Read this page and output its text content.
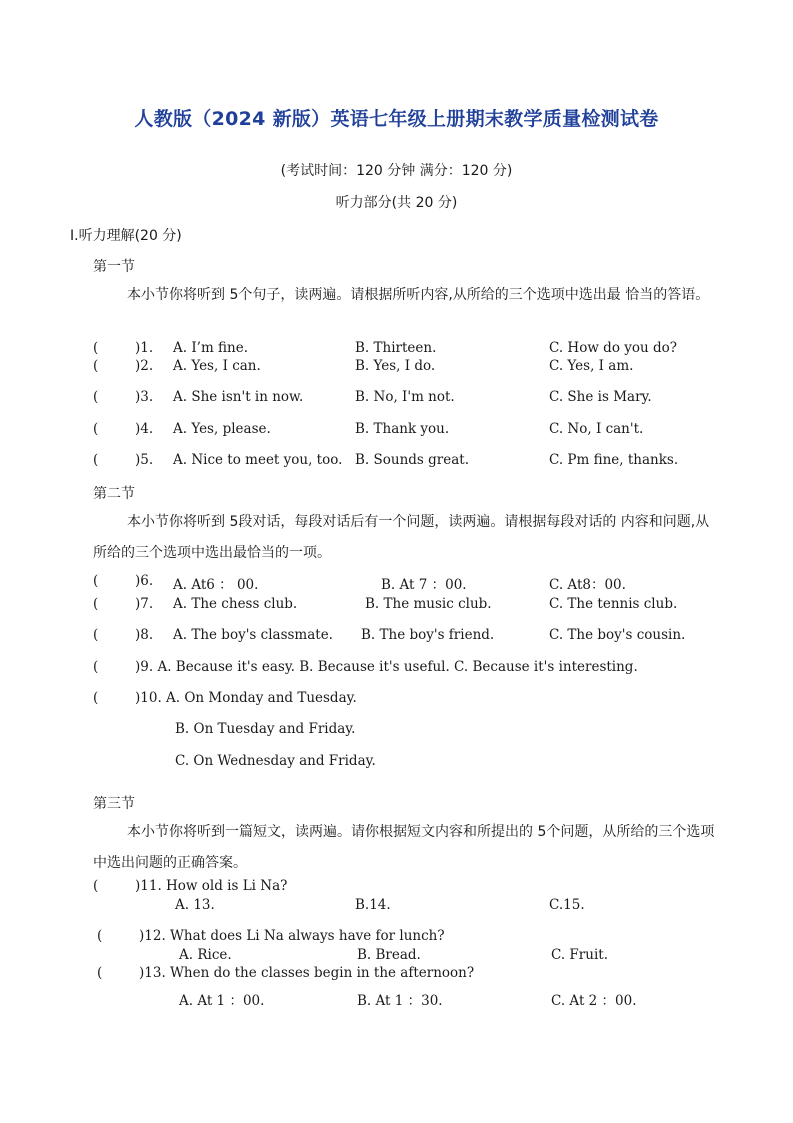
人教版（2024 新版）英语七年级上册期末教学质量检测试卷
(考试时间：120 分钟 满分：120 分)
听力部分(共 20 分)
I.听力理解(20 分)
第一节
本小节你将听到 5个句子，读两遍。请根据所听内容,从所给的三个选项中选出最 恰当的答语。
(	)1. A. I’m fine.	B. Thirteen.	C. How do you do?
(	)2. A. Yes, I can.	B. Yes, I do.	C. Yes, I am.
(	)3. A. She isn't in now.	B. No, I'm not.	C. She is Mary.
(	)4. A. Yes, please.	B. Thank you.	C. No, I can't.
(	)5. A. Nice to meet you, too. B. Sounds great.	C. Pm fine, thanks.
第二节
本小节你将听到 5段对话，每段对话后有一个问题，读两遍。请根据每段对话的 内容和问题,从所给的三个选项中选出最恰当的一项。
(	)6. A. At6 ： 00.	B. At 7 ：00.	C. At8：00.
(	)7. A. The chess club.	B. The music club.	C. The tennis club.
(	)8. A. The boy's classmate. B. The boy's friend.	C. The boy's cousin.
(	)9. A. Because it's easy. B. Because it's useful. C. Because it's interesting.
(	)10. A. On Monday and Tuesday.
B. On Tuesday and Friday.
C. On Wednesday and Friday.
第三节
本小节你将听到一篇短文，读两遍。请你根据短文内容和所提出的 5个问题，从所给的三个选项中选出问题的正确答案。
(	)11. How old is Li Na?
A. 13.	B.14.	C.15.
(	)12. What does Li Na always have for lunch?
A. Rice.	B. Bread.	C. Fruit.
(	)13. When do the classes begin in the afternoon?
A. At 1 ：00.	B. At 1 ：30.	C. At 2 ：00.
